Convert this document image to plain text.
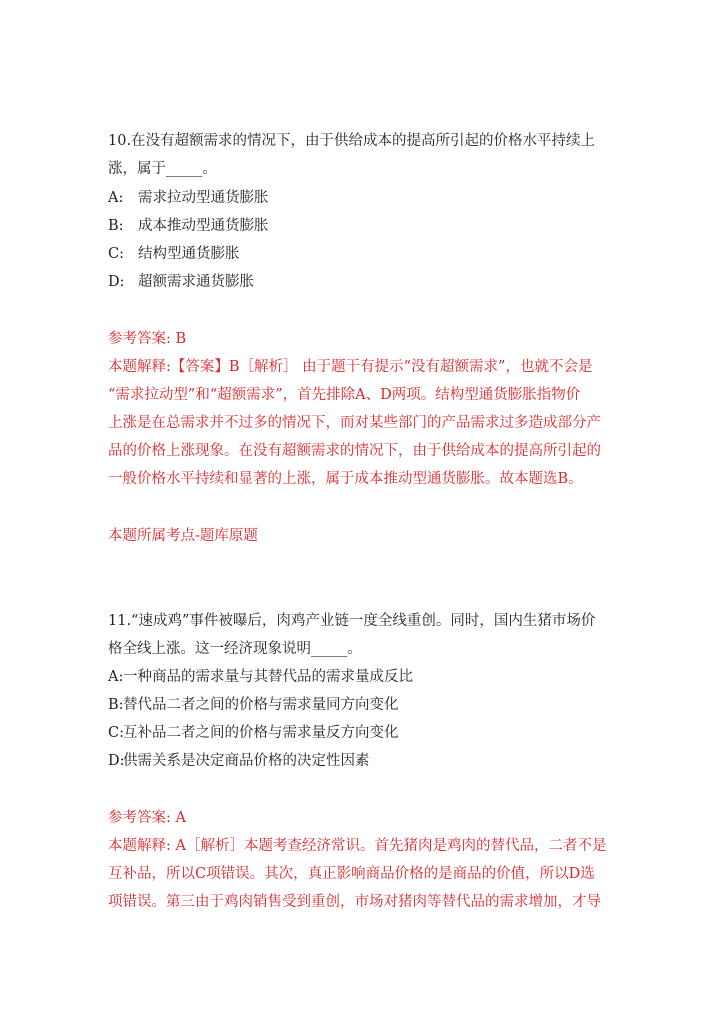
10.在没有超额需求的情况下，由于供给成本的提高所引起的价格水平持续上
涨，属于_____。
A: 需求拉动型通货膨胀
B: 成本推动型通货膨胀
C: 结构型通货膨胀
D: 超额需求通货膨胀
参考答案: B
本题解释:【答案】B［解析］ 由于题干有提示“没有超额需求”，也就不会是
“需求拉动型”和“超额需求”，首先排除A、D两项。结构型通货膨胀指物价
上涨是在总需求并不过多的情况下，而对某些部门的产品需求过多造成部分产
品的价格上涨现象。在没有超额需求的情况下，由于供给成本的提高所引起的
一般价格水平持续和显著的上涨，属于成本推动型通货膨胀。故本题选B。
本题所属考点-题库原题
11.“速成鸡”事件被曝后，肉鸡产业链一度全线重创。同时，国内生猪市场价
格全线上涨。这一经济现象说明_____。
A:一种商品的需求量与其替代品的需求量成反比
B:替代品二者之间的价格与需求量同方向变化
C:互补品二者之间的价格与需求量反方向变化
D:供需关系是决定商品价格的决定性因素
参考答案: A
本题解释: A［解析］本题考查经济常识。首先猪肉是鸡肉的替代品，二者不是
互补品，所以C项错误。其次，真正影响商品价格的是商品的价值，所以D选
项错误。第三由于鸡肉销售受到重创，市场对猪肉等替代品的需求增加，才导
